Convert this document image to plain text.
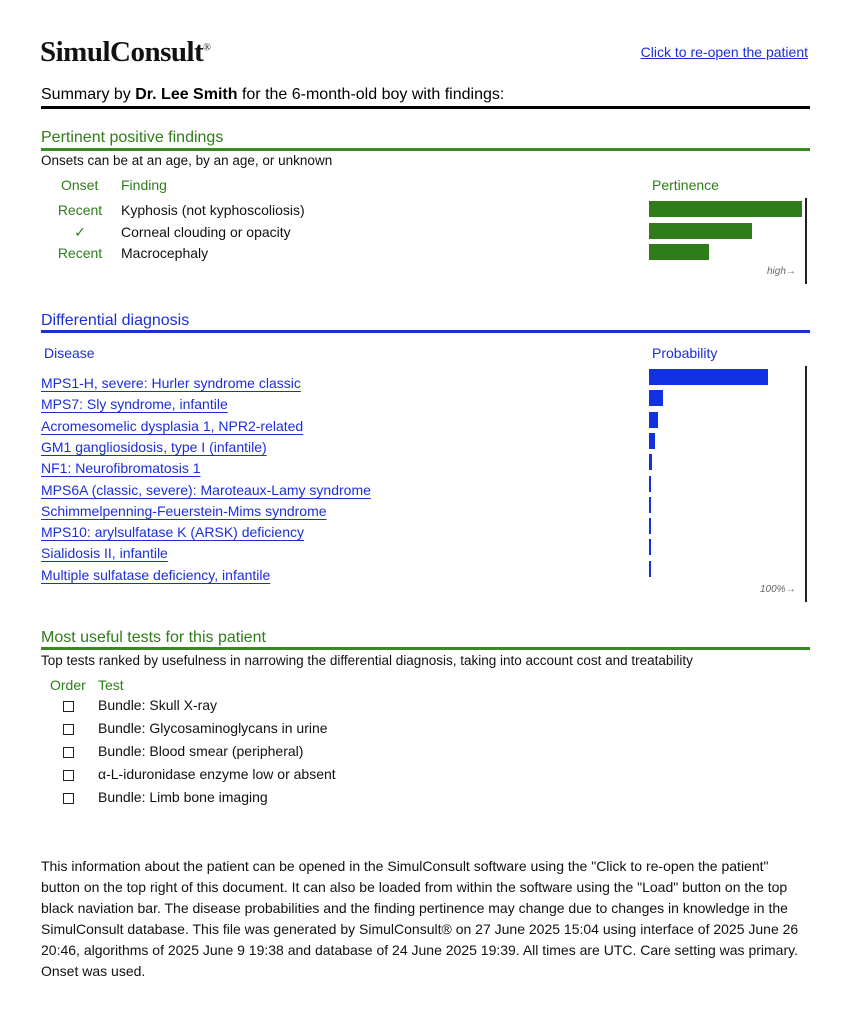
SimulConsult®	Click to re-open the patient
Summary by Dr. Lee Smith for the 6-month-old boy with findings:
Pertinent positive findings
Onsets can be at an age, by an age, or unknown
Onset Finding	Pertinence
Recent	Kyphosis (not kyphoscoliosis)
✓	Corneal clouding or opacity
Recent	Macrocephaly
high→
Differential diagnosis
Disease	Probability
MPS1-H, severe: Hurler syndrome classic
MPS7: Sly syndrome, infantile
Acromesomelic dysplasia 1, NPR2-related
GM1 gangliosidosis, type I (infantile)
NF1: Neurofibromatosis 1
MPS6A (classic, severe): Maroteaux-Lamy syndrome
Schimmelpenning-Feuerstein-Mims syndrome
MPS10: arylsulfatase K (ARSK) deficiency
Sialidosis II, infantile
Multiple sulfatase deficiency, infantile
100%→
Most useful tests for this patient
Top tests ranked by usefulness in narrowing the differential diagnosis, taking into account cost and treatability
Order Test
Bundle: Skull X-ray
Bundle: Glycosaminoglycans in urine
Bundle: Blood smear (peripheral)
α-L-iduronidase enzyme low or absent
Bundle: Limb bone imaging
This information about the patient can be opened in the SimulConsult software using the "Click to re-open the patient" button on the top right of this document. It can also be loaded from within the software using the "Load" button on the top black naviation bar. The disease probabilities and the finding pertinence may change due to changes in knowledge in the SimulConsult database. This file was generated by SimulConsult® on 27 June 2025 15:04 using interface of 2025 June 26 20:46, algorithms of 2025 June 9 19:38 and database of 24 June 2025 19:39. All times are UTC. Care setting was primary. Onset was used.
